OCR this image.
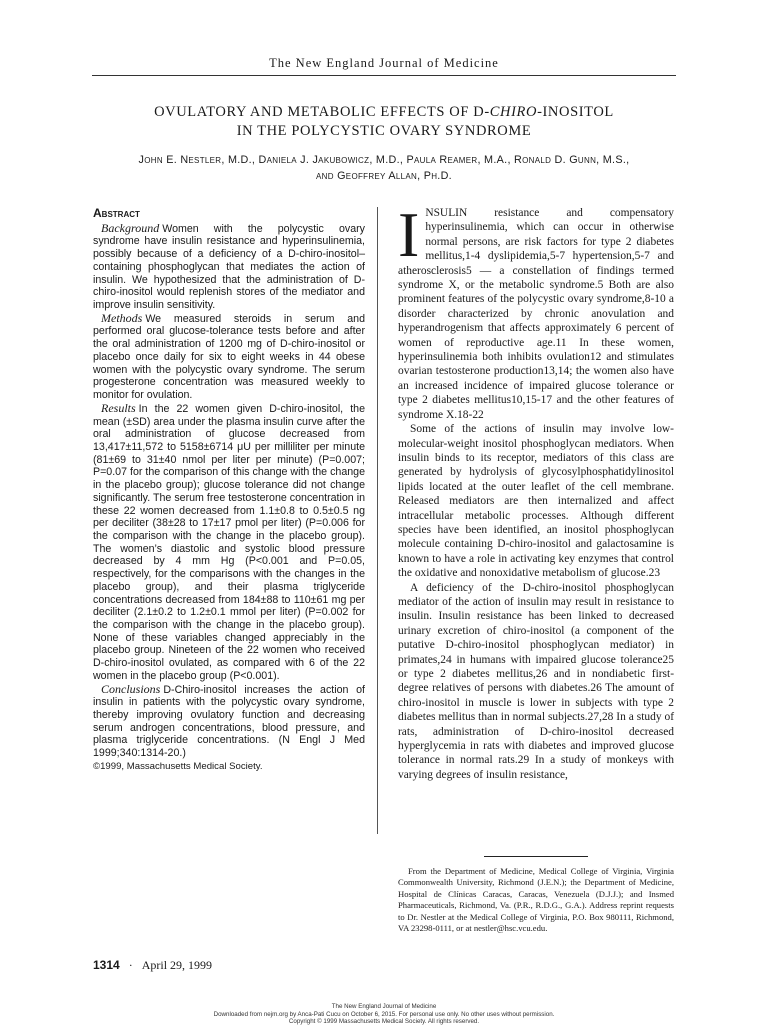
The New England Journal of Medicine
OVULATORY AND METABOLIC EFFECTS OF D-CHIRO-INOSITOL
IN THE POLYCYSTIC OVARY SYNDROME
John E. Nestler, M.D., Daniela J. Jakubowicz, M.D., Paula Reamer, M.A., Ronald D. Gunn, M.S.,
and Geoffrey Allan, Ph.D.
Abstract

Background Women with the polycystic ovary syndrome have insulin resistance and hyperinsulinemia, possibly because of a deficiency of a D-chiro-inositol–containing phosphoglycan that mediates the action of insulin. We hypothesized that the administration of D-chiro-inositol would replenish stores of the mediator and improve insulin sensitivity.

Methods We measured steroids in serum and performed oral glucose-tolerance tests before and after the oral administration of 1200 mg of D-chiro-inositol or placebo once daily for six to eight weeks in 44 obese women with the polycystic ovary syndrome. The serum progesterone concentration was measured weekly to monitor for ovulation.

Results In the 22 women given D-chiro-inositol, the mean (±SD) area under the plasma insulin curve after the oral administration of glucose decreased from 13,417±11,572 to 5158±6714 μU per milliliter per minute (81±69 to 31±40 nmol per liter per minute) (P=0.007; P=0.07 for the comparison of this change with the change in the placebo group); glucose tolerance did not change significantly. The serum free testosterone concentration in these 22 women decreased from 1.1±0.8 to 0.5±0.5 ng per deciliter (38±28 to 17±17 pmol per liter) (P=0.006 for the comparison with the change in the placebo group). The women’s diastolic and systolic blood pressure decreased by 4 mm Hg (P<0.001 and P=0.05, respectively, for the comparisons with the changes in the placebo group), and their plasma triglyceride concentrations decreased from 184±88 to 110±61 mg per deciliter (2.1±0.2 to 1.2±0.1 mmol per liter) (P=0.002 for the comparison with the change in the placebo group). None of these variables changed appreciably in the placebo group. Nineteen of the 22 women who received D-chiro-inositol ovulated, as compared with 6 of the 22 women in the placebo group (P<0.001).

Conclusions D-Chiro-inositol increases the action of insulin in patients with the polycystic ovary syndrome, thereby improving ovulatory function and decreasing serum androgen concentrations, blood pressure, and plasma triglyceride concentrations. (N Engl J Med 1999;340:1314-20.)

©1999, Massachusetts Medical Society.

INSULIN resistance and compensatory hyperinsulinemia, which can occur in otherwise normal persons, are risk factors for type 2 diabetes mellitus,1-4 dyslipidemia,5-7 hypertension,5-7 and atherosclerosis5 — a constellation of findings termed syndrome X, or the metabolic syndrome.5 Both are also prominent features of the polycystic ovary syndrome,8-10 a disorder characterized by chronic anovulation and hyperandrogenism that affects approximately 6 percent of women of reproductive age.11 In these women, hyperinsulinemia both inhibits ovulation12 and stimulates ovarian testosterone production13,14; the women also have an increased incidence of impaired glucose tolerance or type 2 diabetes mellitus10,15-17 and the other features of syndrome X.18-22

Some of the actions of insulin may involve low-molecular-weight inositol phosphoglycan mediators. When insulin binds to its receptor, mediators of this class are generated by hydrolysis of glycosylphosphatidylinositol lipids located at the outer leaflet of the cell membrane. Released mediators are then internalized and affect intracellular metabolic processes. Although different species have been identified, an inositol phosphoglycan molecule containing D-chiro-inositol and galactosamine is known to have a role in activating key enzymes that control the oxidative and nonoxidative metabolism of glucose.23

A deficiency of the D-chiro-inositol phosphoglycan mediator of the action of insulin may result in resistance to insulin. Insulin resistance has been linked to decreased urinary excretion of chiro-inositol (a component of the putative D-chiro-inositol phosphoglycan mediator) in primates,24 in humans with impaired glucose tolerance25 or type 2 diabetes mellitus,26 and in nondiabetic first-degree relatives of persons with diabetes.26 The amount of chiro-inositol in muscle is lower in subjects with type 2 diabetes mellitus than in normal subjects.27,28 In a study of rats, administration of D-chiro-inositol decreased hyperglycemia in rats with diabetes and improved glucose tolerance in normal rats.29 In a study of monkeys with varying degrees of insulin resistance,

From the Department of Medicine, Medical College of Virginia, Virginia Commonwealth University, Richmond (J.E.N.); the Department of Medicine, Hospital de Clínicas Caracas, Caracas, Venezuela (D.J.J.); and Insmed Pharmaceuticals, Richmond, Va. (P.R., R.D.G., G.A.). Address reprint requests to Dr. Nestler at the Medical College of Virginia, P.O. Box 980111, Richmond, VA 23298-0111, or at nestler@hsc.vcu.edu.
1314 · April 29, 1999
The New England Journal of Medicine
Downloaded from nejm.org by Anca-Pati Cucu on October 6, 2015. For personal use only. No other uses without permission.
Copyright © 1999 Massachusetts Medical Society. All rights reserved.
